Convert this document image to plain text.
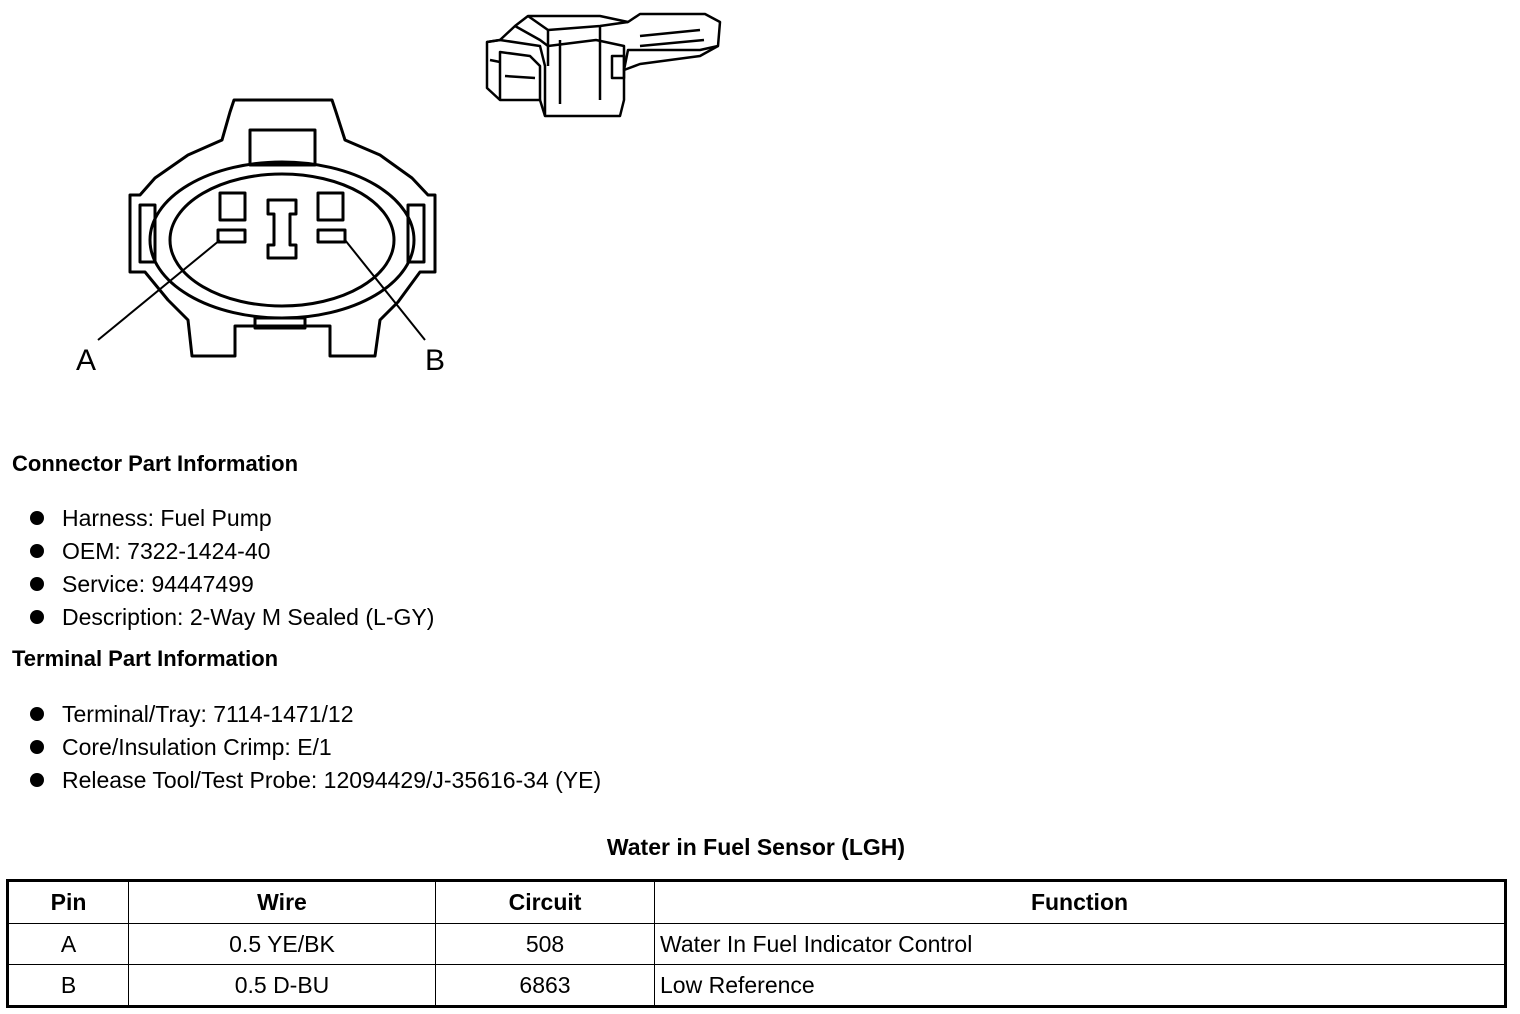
A	B
Connector Part Information
Harness: Fuel Pump
OEM: 7322-1424-40
Service: 94447499
Description: 2-Way M Sealed (L-GY)
Terminal Part Information
Terminal/Tray: 7114-1471/12
Core/Insulation Crimp: E/1
Release Tool/Test Probe: 12094429/J-35616-34 (YE)
Water in Fuel Sensor (LGH)
Pin	Wire	Circuit	Function
A	0.5 YE/BK	508	Water In Fuel Indicator Control
B	0.5 D-BU	6863	Low Reference
